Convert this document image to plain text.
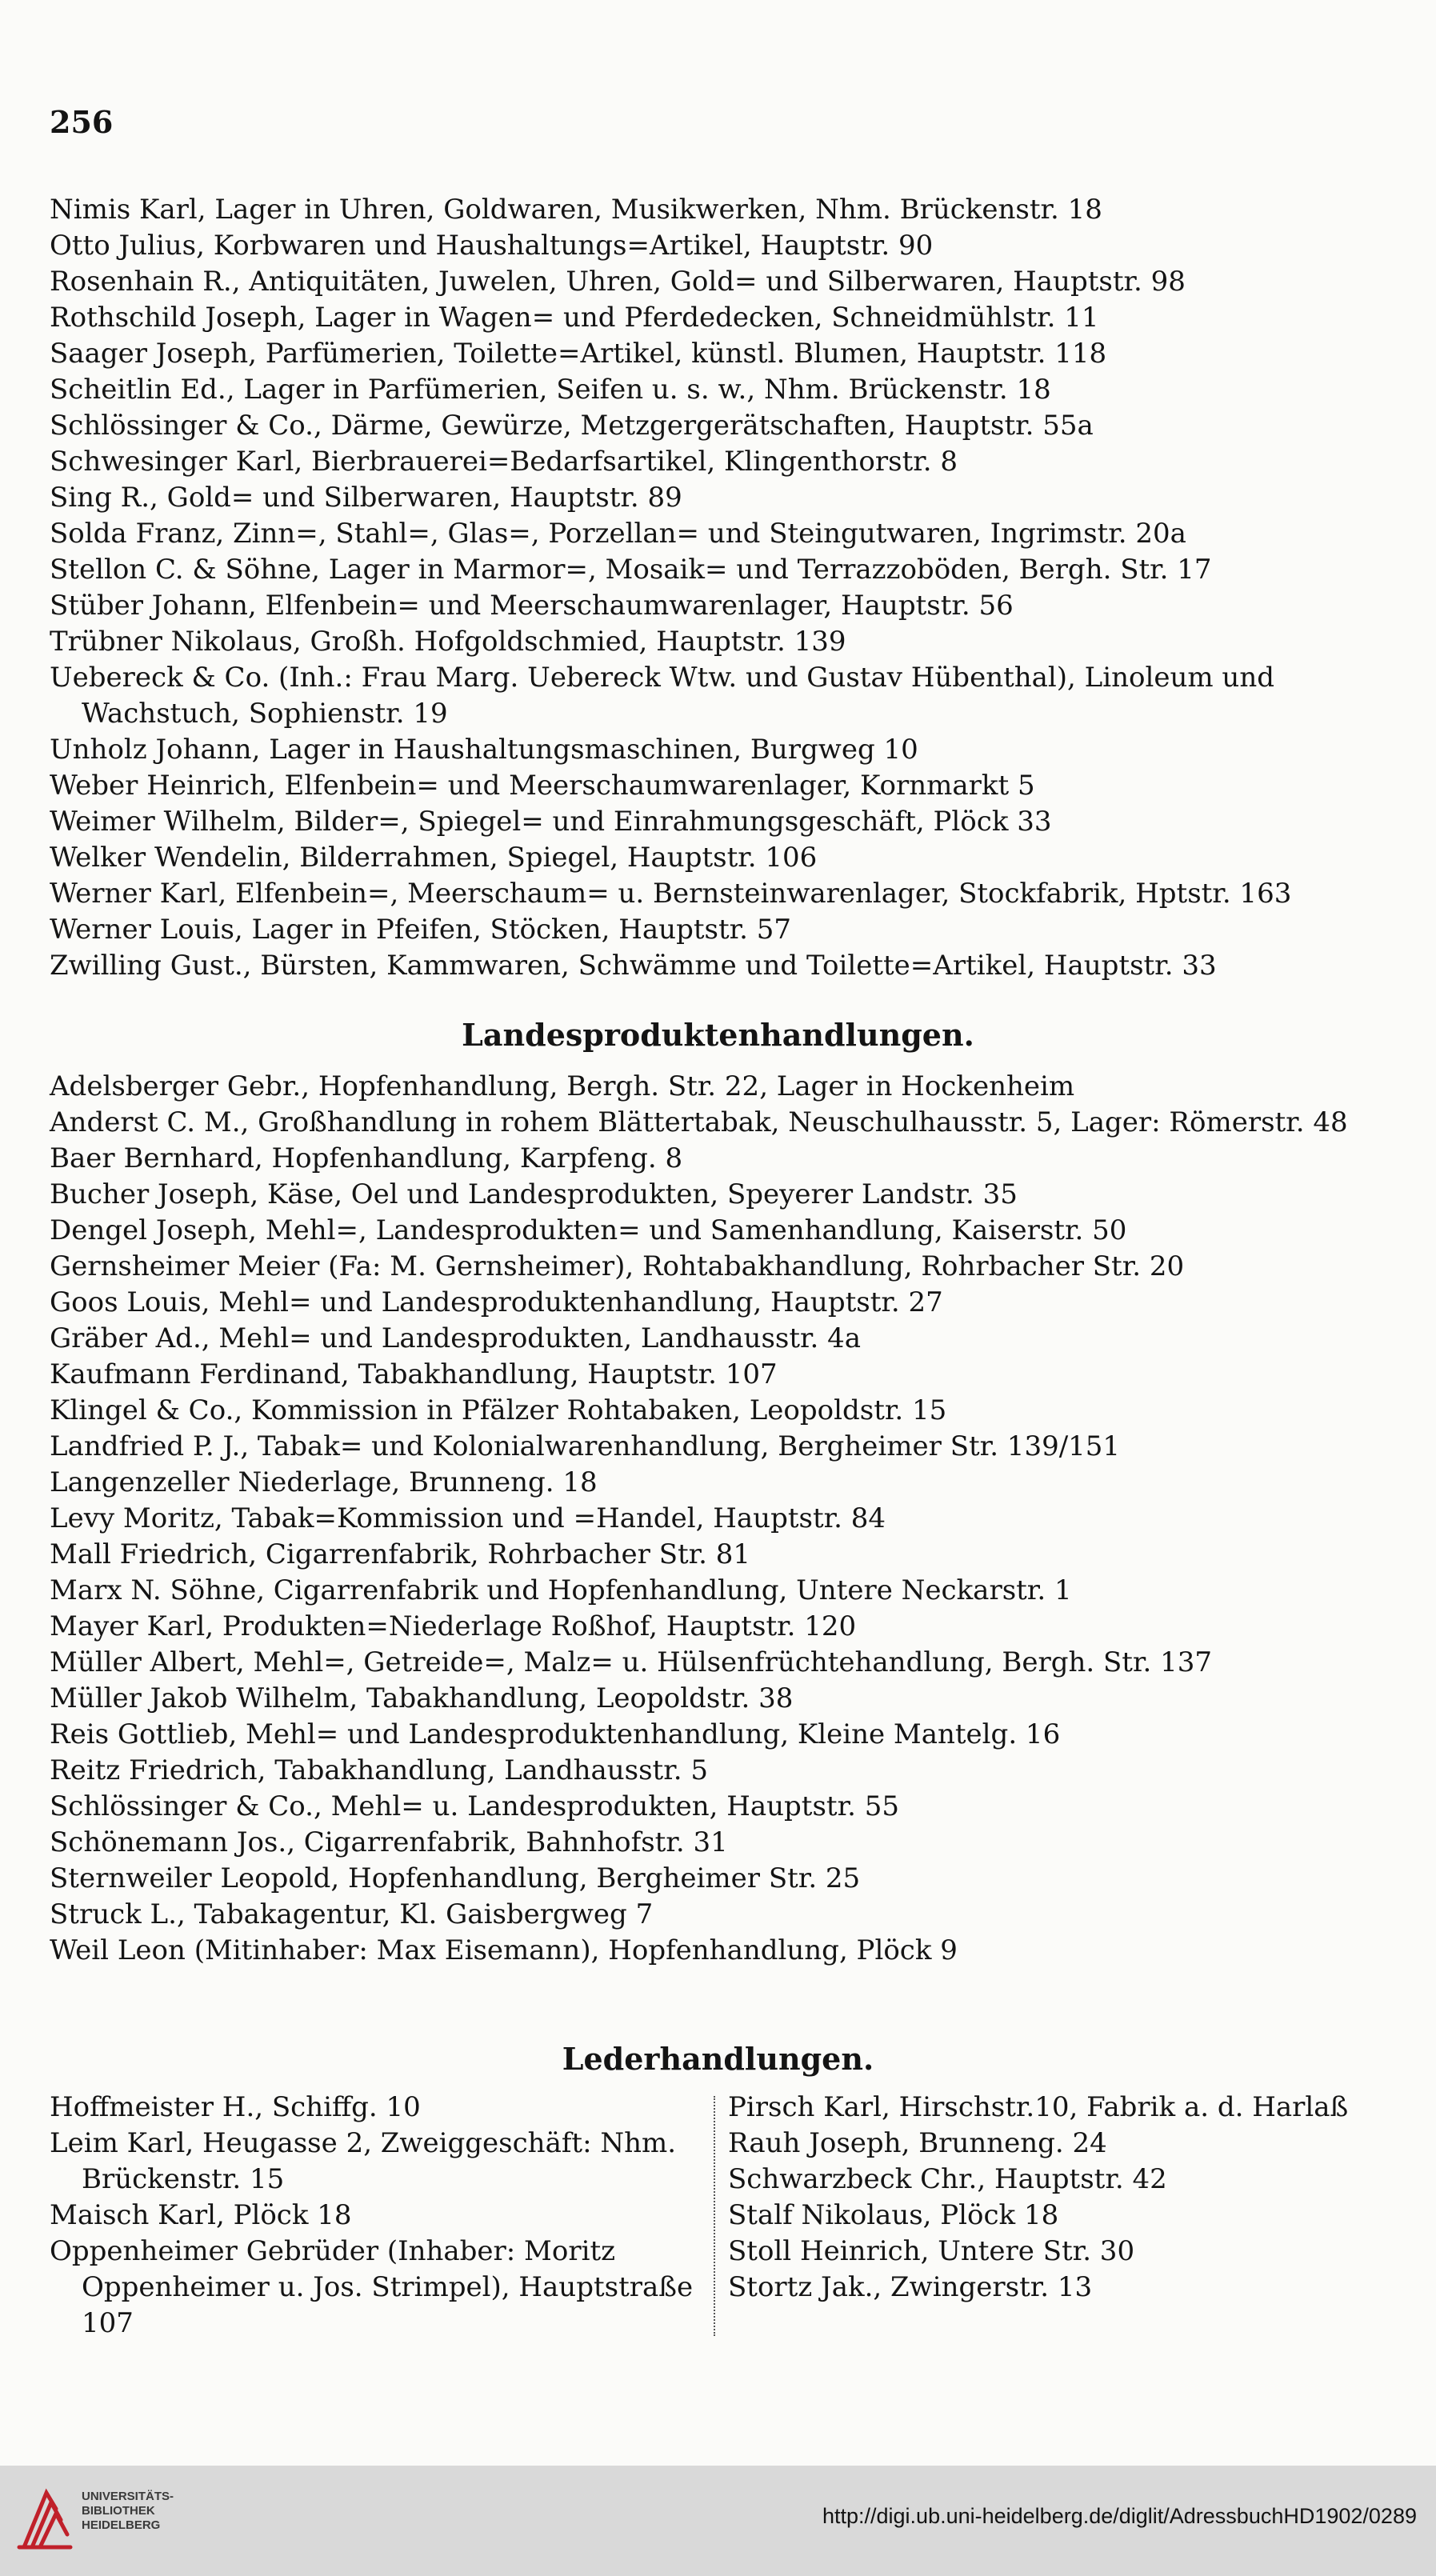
256
Nimis Karl, Lager in Uhren, Goldwaren, Musikwerken, Nhm. Brückenstr. 18
Otto Julius, Korbwaren und Haushaltungs=Artikel, Hauptstr. 90
Rosenhain R., Antiquitäten, Juwelen, Uhren, Gold= und Silberwaren, Hauptstr. 98
Rothschild Joseph, Lager in Wagen= und Pferdedecken, Schneidmühlstr. 11
Saager Joseph, Parfümerien, Toilette=Artikel, künstl. Blumen, Hauptstr. 118
Scheitlin Ed., Lager in Parfümerien, Seifen u. s. w., Nhm. Brückenstr. 18
Schlössinger & Co., Därme, Gewürze, Metzgergerätschaften, Hauptstr. 55a
Schwesinger Karl, Bierbrauerei=Bedarfsartikel, Klingenthorstr. 8
Sing R., Gold= und Silberwaren, Hauptstr. 89
Solda Franz, Zinn=, Stahl=, Glas=, Porzellan= und Steingutwaren, Ingrimstr. 20a
Stellon C. & Söhne, Lager in Marmor=, Mosaik= und Terrazzoböden, Bergh. Str. 17
Stüber Johann, Elfenbein= und Meerschaumwarenlager, Hauptstr. 56
Trübner Nikolaus, Großh. Hofgoldschmied, Hauptstr. 139
Uebereck & Co. (Inh.: Frau Marg. Uebereck Wtw. und Gustav Hübenthal), Linoleum und Wachstuch, Sophienstr. 19
Unholz Johann, Lager in Haushaltungsmaschinen, Burgweg 10
Weber Heinrich, Elfenbein= und Meerschaumwarenlager, Kornmarkt 5
Weimer Wilhelm, Bilder=, Spiegel= und Einrahmungsgeschäft, Plöck 33
Welker Wendelin, Bilderrahmen, Spiegel, Hauptstr. 106
Werner Karl, Elfenbein=, Meerschaum= u. Bernsteinwarenlager, Stockfabrik, Hptstr. 163
Werner Louis, Lager in Pfeifen, Stöcken, Hauptstr. 57
Zwilling Gust., Bürsten, Kammwaren, Schwämme und Toilette=Artikel, Hauptstr. 33
Landesproduktenhandlungen.
Adelsberger Gebr., Hopfenhandlung, Bergh. Str. 22, Lager in Hockenheim
Anderst C. M., Großhandlung in rohem Blättertabak, Neuschulhausstr. 5, Lager: Römerstr. 48
Baer Bernhard, Hopfenhandlung, Karpfeng. 8
Bucher Joseph, Käse, Oel und Landesprodukten, Speyerer Landstr. 35
Dengel Joseph, Mehl=, Landesprodukten= und Samenhandlung, Kaiserstr. 50
Gernsheimer Meier (Fa: M. Gernsheimer), Rohtabakhandlung, Rohrbacher Str. 20
Goos Louis, Mehl= und Landesproduktenhandlung, Hauptstr. 27
Gräber Ad., Mehl= und Landesprodukten, Landhausstr. 4a
Kaufmann Ferdinand, Tabakhandlung, Hauptstr. 107
Klingel & Co., Kommission in Pfälzer Rohtabaken, Leopoldstr. 15
Landfried P. J., Tabak= und Kolonialwarenhandlung, Bergheimer Str. 139/151
Langenzeller Niederlage, Brunneng. 18
Levy Moritz, Tabak=Kommission und =Handel, Hauptstr. 84
Mall Friedrich, Cigarrenfabrik, Rohrbacher Str. 81
Marx N. Söhne, Cigarrenfabrik und Hopfenhandlung, Untere Neckarstr. 1
Mayer Karl, Produkten=Niederlage Roßhof, Hauptstr. 120
Müller Albert, Mehl=, Getreide=, Malz= u. Hülsenfrüchtehandlung, Bergh. Str. 137
Müller Jakob Wilhelm, Tabakhandlung, Leopoldstr. 38
Reis Gottlieb, Mehl= und Landesproduktenhandlung, Kleine Mantelg. 16
Reitz Friedrich, Tabakhandlung, Landhausstr. 5
Schlössinger & Co., Mehl= u. Landesprodukten, Hauptstr. 55
Schönemann Jos., Cigarrenfabrik, Bahnhofstr. 31
Sternweiler Leopold, Hopfenhandlung, Bergheimer Str. 25
Struck L., Tabakagentur, Kl. Gaisbergweg 7
Weil Leon (Mitinhaber: Max Eisemann), Hopfenhandlung, Plöck 9
Lederhandlungen.
Hoffmeister H., Schiffg. 10
Leim Karl, Heugasse 2, Zweiggeschäft: Nhm. Brückenstr. 15
Maisch Karl, Plöck 18
Oppenheimer Gebrüder (Inhaber: Moritz Oppenheimer u. Jos. Strimpel), Hauptstraße 107
Pirsch Karl, Hirschstr.10, Fabrik a. d. Harlaß
Rauh Joseph, Brunneng. 24
Schwarzbeck Chr., Hauptstr. 42
Stalf Nikolaus, Plöck 18
Stoll Heinrich, Untere Str. 30
Stortz Jak., Zwingerstr. 13
UNIVERSITÄTS-
BIBLIOTHEK
HEIDELBERG	http://digi.ub.uni-heidelberg.de/diglit/AdressbuchHD1902/0289
